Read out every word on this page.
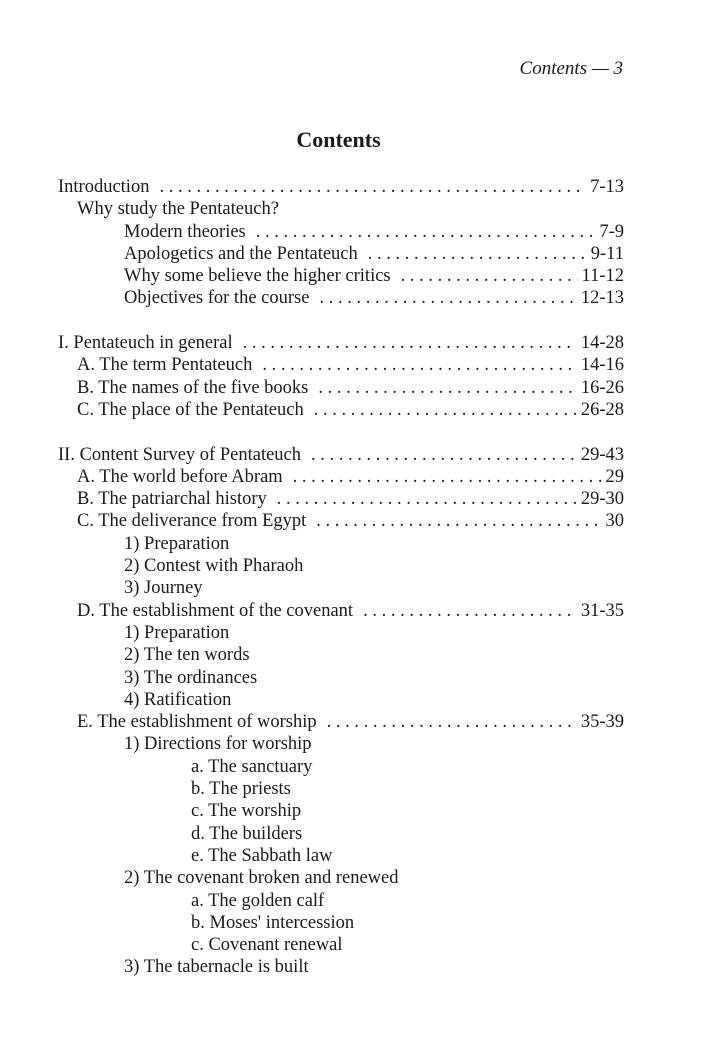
Contents — 3
Contents
Introduction . . .	7-13
Why study the Pentateuch?
Modern theories . . .	7-9
Apologetics and the Pentateuch . . .	9-11
Why some believe the higher critics . . .	11-12
Objectives for the course . . .	12-13
I. Pentateuch in general . . .	14-28
A. The term Pentateuch . . .	14-16
B. The names of the five books . . .	16-26
C. The place of the Pentateuch . . .	26-28
II. Content Survey of Pentateuch . . .	29-43
A. The world before Abram . . .	29
B. The patriarchal history . . .	29-30
C. The deliverance from Egypt . . .	30
1) Preparation
2) Contest with Pharaoh
3) Journey
D. The establishment of the covenant . . .	31-35
1) Preparation
2) The ten words
3) The ordinances
4) Ratification
E. The establishment of worship . . .	35-39
1) Directions for worship
a. The sanctuary
b. The priests
c. The worship
d. The builders
e. The Sabbath law
2) The covenant broken and renewed
a. The golden calf
b. Moses' intercession
c. Covenant renewal
3) The tabernacle is built
